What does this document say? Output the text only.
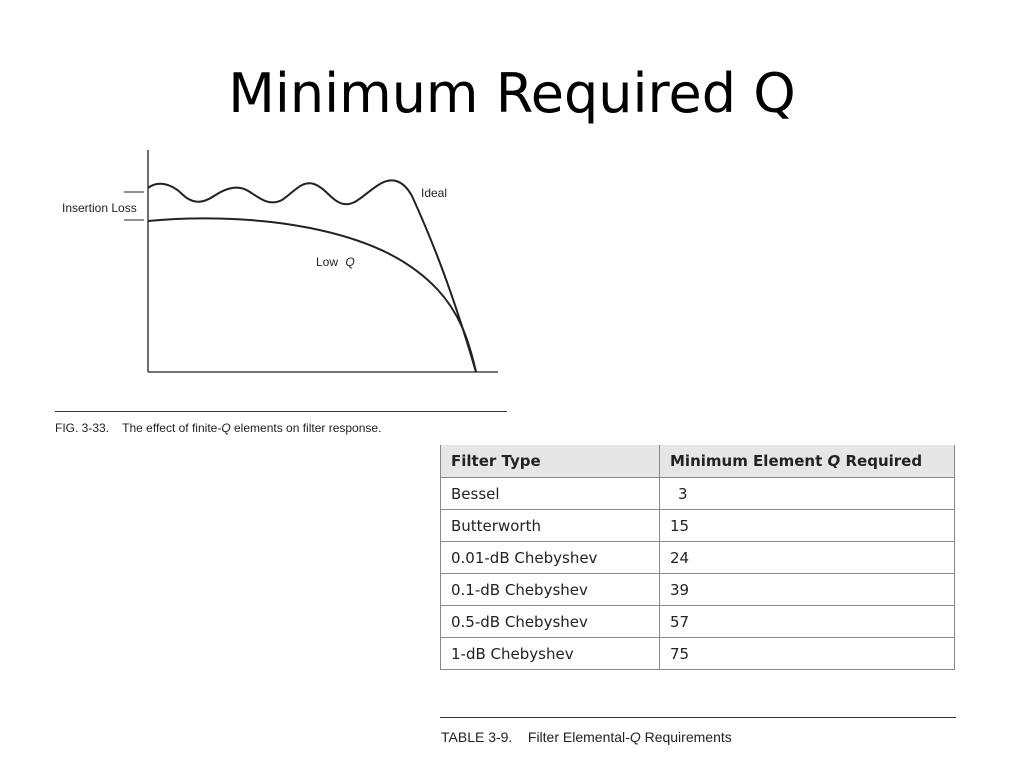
Minimum Required Q
Insertion Loss
Ideal
Low Q
FIG. 3-33. The effect of finite-Q elements on filter response.
Filter Type	Minimum Element Q Required
Bessel	3
Butterworth	15
0.01-dB Chebyshev	24
0.1-dB Chebyshev	39
0.5-dB Chebyshev	57
1-dB Chebyshev	75
TABLE 3-9. Filter Elemental-Q Requirements
